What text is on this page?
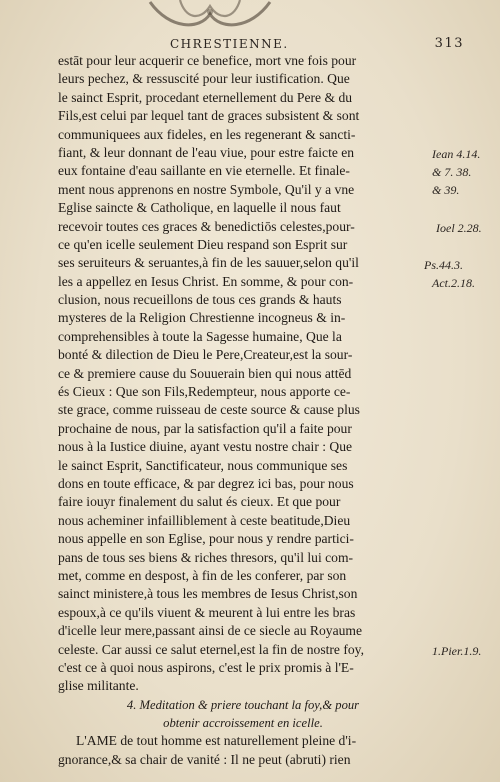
CHRESTIENNE.	313
estāt pour leur acquerir ce benefice, mort vne fois pour
leurs pechez, & ressuscité pour leur iustification. Que
le sainct Esprit, procedant eternellement du Pere & du
Fils,est celui par lequel tant de graces subsistent & sont
communiquees aux fideles, en les regenerant & sancti-
fiant, & leur donnant de l'eau viue, pour estre faicte en
eux fontaine d'eau saillante en vie eternelle. Et finale-
ment nous apprenons en nostre Symbole, Qu'il y a vne
Eglise saincte & Catholique, en laquelle il nous faut
recevoir toutes ces graces & benedictiōs celestes,pour-
ce qu'en icelle seulement Dieu respand son Esprit sur
ses seruiteurs & seruantes,à fin de les sauuer,selon qu'il
les a appellez en Iesus Christ. En somme, & pour con-
clusion, nous recueillons de tous ces grands & hauts
mysteres de la Religion Chrestienne incogneus & in-
comprehensibles à toute la Sagesse humaine, Que la
bonté & dilection de Dieu le Pere,Createur,est la sour-
ce & premiere cause du Souuerain bien qui nous attēd
és Cieux : Que son Fils,Redempteur, nous apporte ce-
ste grace, comme ruisseau de ceste source & cause plus
prochaine de nous, par la satisfaction qu'il a faite pour
nous à la Iustice diuine, ayant vestu nostre chair : Que
le sainct Esprit, Sanctificateur, nous communique ses
dons en toute efficace, & par degrez ici bas, pour nous
faire iouyr finalement du salut és cieux. Et que pour
nous acheminer infailliblement à ceste beatitude,Dieu
nous appelle en son Eglise, pour nous y rendre partici-
pans de tous ses biens & riches thresors, qu'il lui com-
met, comme en despost, à fin de les conferer, par son
sainct ministere,à tous les membres de Iesus Christ,son
espoux,à ce qu'ils viuent & meurent à lui entre les bras
d'icelle leur mere,passant ainsi de ce siecle au Royaume
celeste. Car aussi ce salut eternel,est la fin de nostre foy,
c'est ce à quoi nous aspirons, c'est le prix promis à l'E-
glise militante.
4. Meditation & priere touchant la foy,& pour
obtenir accroissement en icelle.
L'AME de tout homme est naturellement pleine d'i-
gnorance,& sa chair de vanité : Il ne peut (abruti) rien
Iean 4.14.
& 7. 38.
& 39.
Ioel 2.28.
Ps.44.3.
Act.2.18.
1.Pier.1.9.
